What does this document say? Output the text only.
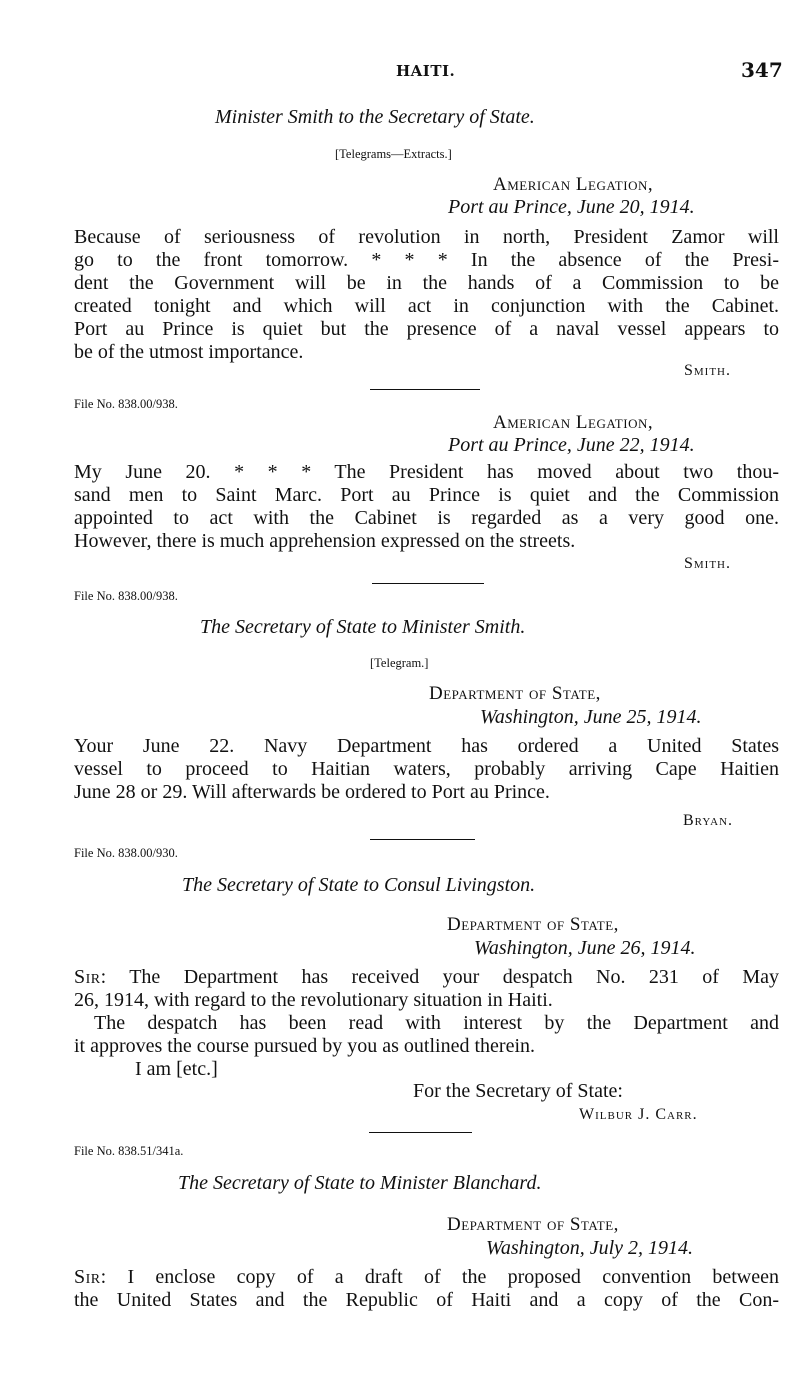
HAITI.	347
Minister Smith to the Secretary of State.
[Telegrams—Extracts.]
American Legation,
Port au Prince, June 20, 1914.
Because of seriousness of revolution in north, President Zamor will
go to the front tomorrow. * * * In the absence of the Presi-
dent the Government will be in the hands of a Commission to be
created tonight and which will act in conjunction with the Cabinet.
Port au Prince is quiet but the presence of a naval vessel appears to
be of the utmost importance.
Smith.
File No. 838.00/938.
American Legation,
Port au Prince, June 22, 1914.
My June 20. * * * The President has moved about two thou-
sand men to Saint Marc. Port au Prince is quiet and the Commission
appointed to act with the Cabinet is regarded as a very good one.
However, there is much apprehension expressed on the streets.
Smith.
File No. 838.00/938.
The Secretary of State to Minister Smith.
[Telegram.]
Department of State,
Washington, June 25, 1914.
Your June 22. Navy Department has ordered a United States
vessel to proceed to Haitian waters, probably arriving Cape Haitien
June 28 or 29. Will afterwards be ordered to Port au Prince.
Bryan.
File No. 838.00/930.
The Secretary of State to Consul Livingston.
Department of State,
Washington, June 26, 1914.
Sir: The Department has received your despatch No. 231 of May
26, 1914, with regard to the revolutionary situation in Haiti.
The despatch has been read with interest by the Department and
it approves the course pursued by you as outlined therein.
I am [etc.]
For the Secretary of State:
Wilbur J. Carr.
File No. 838.51/341a.
The Secretary of State to Minister Blanchard.
Department of State,
Washington, July 2, 1914.
Sir: I enclose copy of a draft of the proposed convention between
the United States and the Republic of Haiti and a copy of the Con-
